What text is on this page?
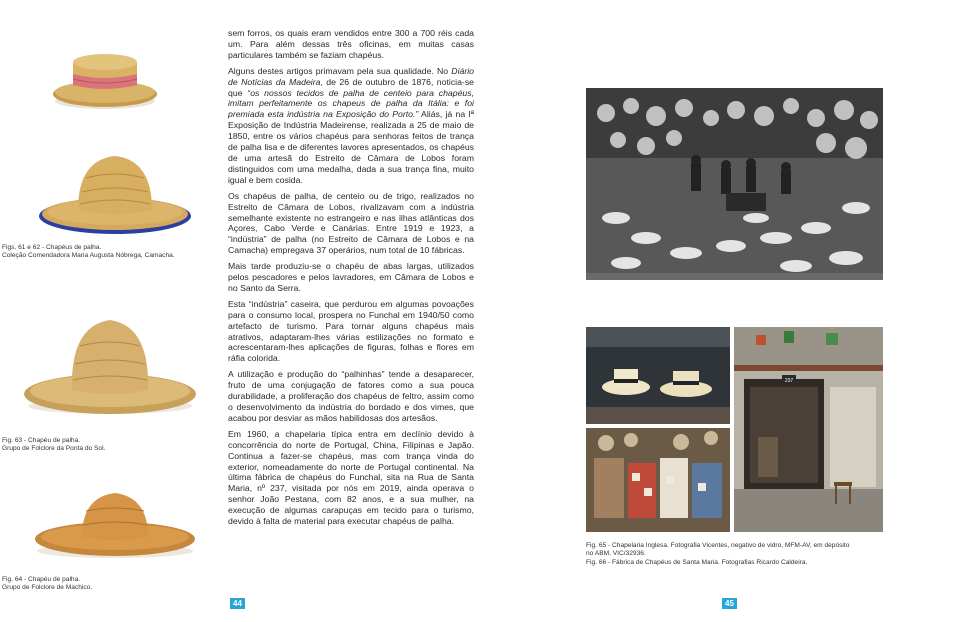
Figs. 61 e 62 - Chapéus de palha.
Coleção Comendadora Maria Augusta Nóbrega, Camacha.
Fig. 63 - Chapéu de palha.
Grupo de Folclore da Ponta do Sol.
Fig. 64 - Chapéu de palha.
Grupo de Folclore de Machico.

sem forros, os quais eram vendidos entre 300 a 700 réis cada um. Para além dessas três oficinas, em muitas casas particulares também se faziam chapéus.

Alguns destes artigos primavam pela sua qualidade. No Diário de Notícias da Madeira, de 26 de outubro de 1876, noticia-se que “os nossos tecidos de palha de centeio para chapéus, imitam perfeitamente os chapeus de palha da Itália: e foi premiada esta indústria na Exposição do Porto.” Aliás, já na Iª Exposição de Indústria Madeirense, realizada a 25 de maio de 1850, entre os vários chapéus para senhoras feitos de trança de palha lisa e de diferentes lavores apresentados, os chapéus de uma artesã do Estreito de Câmara de Lobos foram distinguidos com uma medalha, dada a sua trança fina, muito igual e bem cosida.

Os chapéus de palha, de centeio ou de trigo, realizados no Estreito de Câmara de Lobos, rivalizavam com a indústria semelhante existente no estrangeiro e nas ilhas atlânticas dos Açores, Cabo Verde e Canárias. Entre 1919 e 1923, a “indústria” de palha (no Estreito de Câmara de Lobos e na Camacha) empregava 37 operários, num total de 10 fábricas.

Mais tarde produziu-se o chapéu de abas largas, utilizados pelos pescadores e pelos lavradores, em Câmara de Lobos e no Santo da Serra.

Esta “indústria” caseira, que perdurou em algumas povoações para o consumo local, prospera no Funchal em 1940/50 como artefacto de turismo. Para tornar alguns chapéus mais atrativos, adaptaram-lhes várias estilizações no formato e acrescentaram-lhes aplicações de figuras, folhas e flores em ráfia colorida.

A utilização e produção do “palhinhas” tende a desaparecer, fruto de uma conjugação de fatores como a sua pouca durabilidade, a proliferação dos chapéus de feltro, assim como o desenvolvimento da indústria do bordado e dos vimes, que acabou por desviar as mãos habilidosas dos artesãos.

Em 1960, a chapelaria típica entra em declínio devido à concorrência do norte de Portugal, China, Filipinas e Japão. Continua a fazer-se chapéus, mas com trança vinda do exterior, nomeadamente do norte de Portugal continental. Na última fábrica de chapéus do Funchal, sita na Rua de Santa Maria, nº 237, visitada por nós em 2019, ainda operava o senhor João Pestana, com 82 anos, e a sua mulher, na execução de algumas carapuças em tecido para o turismo, devido à falta de material para executar chapéus de palha.

44
237
Fig. 65 - Chapelaria Inglesa. Fotografia Vicentes, negativo de vidro, MFM-AV, em depósito
no ABM, VIC/32936.
Fig. 66 - Fábrica de Chapéus de Santa Maria. Fotografias Ricardo Caldeira.
45
